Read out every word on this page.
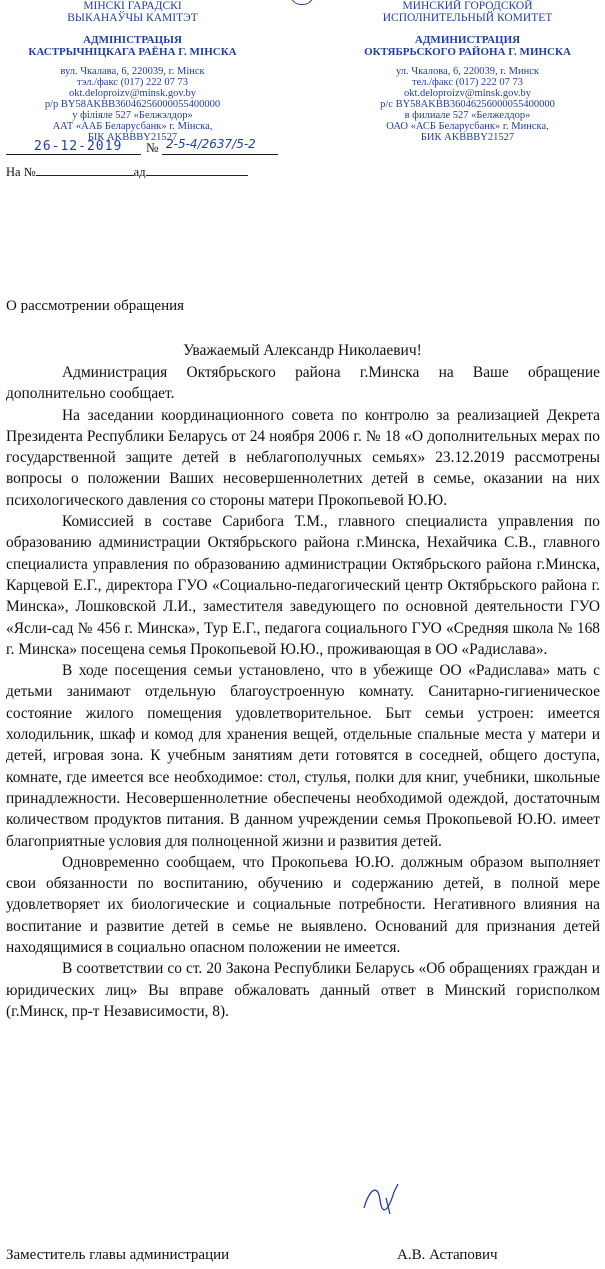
МІНСКІ ГАРАДСКІ
ВЫКАНАЎЧЫ КАМІТЭТ
АДМІНІСТРАЦЫЯ
КАСТРЫЧНІЦКАГА РАЁНА Г. МІНСКА
вул. Чкалава, 6, 220039, г. Мінск
тэл./факс (017) 222 07 73
okt.deloproizv@minsk.gov.by
р/р BY58AKBB36046256000055400000
у філіяле 527 «Белжэлдор»
ААТ «ААБ Беларусбанк» г. Мінска,
БІК AKBBBY21527
МИНСКИЙ ГОРОДСКОЙ
ИСПОЛНИТЕЛЬНЫЙ КОМИТЕТ
АДМИНИСТРАЦИЯ
ОКТЯБРЬСКОГО РАЙОНА Г. МИНСКА
ул. Чкалова, 6, 220039, г. Минск
тел./факс (017) 222 07 73
okt.deloproizv@minsk.gov.by
р/с BY58AKBB36046256000055400000
в филиале 527 «Белжелдор»
ОАО «АСБ Беларусбанк» г. Минска,
БИК AKBBBY21527
26-12-2019 № 2-5-4/2637/5-2
На №	ад
О рассмотрении обращения
Уважаемый Александр Николаевич!

Администрация Октябрьского района г.Минска на Ваше обращение дополнительно сообщает.

На заседании координационного совета по контролю за реализацией Декрета Президента Республики Беларусь от 24 ноября 2006 г. № 18 «О дополнительных мерах по государственной защите детей в неблагополучных семьях» 23.12.2019 рассмотрены вопросы о положении Ваших несовершеннолетних детей в семье, оказании на них психологического давления со стороны матери Прокопьевой Ю.Ю.

Комиссией в составе Сарибога Т.М., главного специалиста управления по образованию администрации Октябрьского района г.Минска, Нехайчика С.В., главного специалиста управления по образованию администрации Октябрьского района г.Минска, Карцевой Е.Г., директора ГУО «Социально-педагогический центр Октябрьского района г. Минска», Лошковской Л.И., заместителя заведующего по основной деятельности ГУО «Ясли-сад № 456 г. Минска», Тур Е.Г., педагога социального ГУО «Средняя школа № 168 г. Минска» посещена семья Прокопьевой Ю.Ю., проживающая в ОО «Радислава».

В ходе посещения семьи установлено, что в убежище ОО «Радислава» мать с детьми занимают отдельную благоустроенную комнату. Санитарно-гигиеническое состояние жилого помещения удовлетворительное. Быт семьи устроен: имеется холодильник, шкаф и комод для хранения вещей, отдельные спальные места у матери и детей, игровая зона. К учебным занятиям дети готовятся в соседней, общего доступа, комнате, где имеется все необходимое: стол, стулья, полки для книг, учебники, школьные принадлежности. Несовершеннолетние обеспечены необходимой одеждой, достаточным количеством продуктов питания. В данном учреждении семья Прокопьевой Ю.Ю. имеет благоприятные условия для полноценной жизни и развития детей.

Одновременно сообщаем, что Прокопьева Ю.Ю. должным образом выполняет свои обязанности по воспитанию, обучению и содержанию детей, в полной мере удовлетворяет их биологические и социальные потребности. Негативного влияния на воспитание и развитие детей в семье не выявлено. Оснований для признания детей находящимися в социально опасном положении не имеется.

В соответствии со ст. 20 Закона Республики Беларусь «Об обращениях граждан и юридических лиц» Вы вправе обжаловать данный ответ в Минский горисполком (г.Минск, пр-т Независимости, 8).

Заместитель главы администрации	А.В. Астапович
